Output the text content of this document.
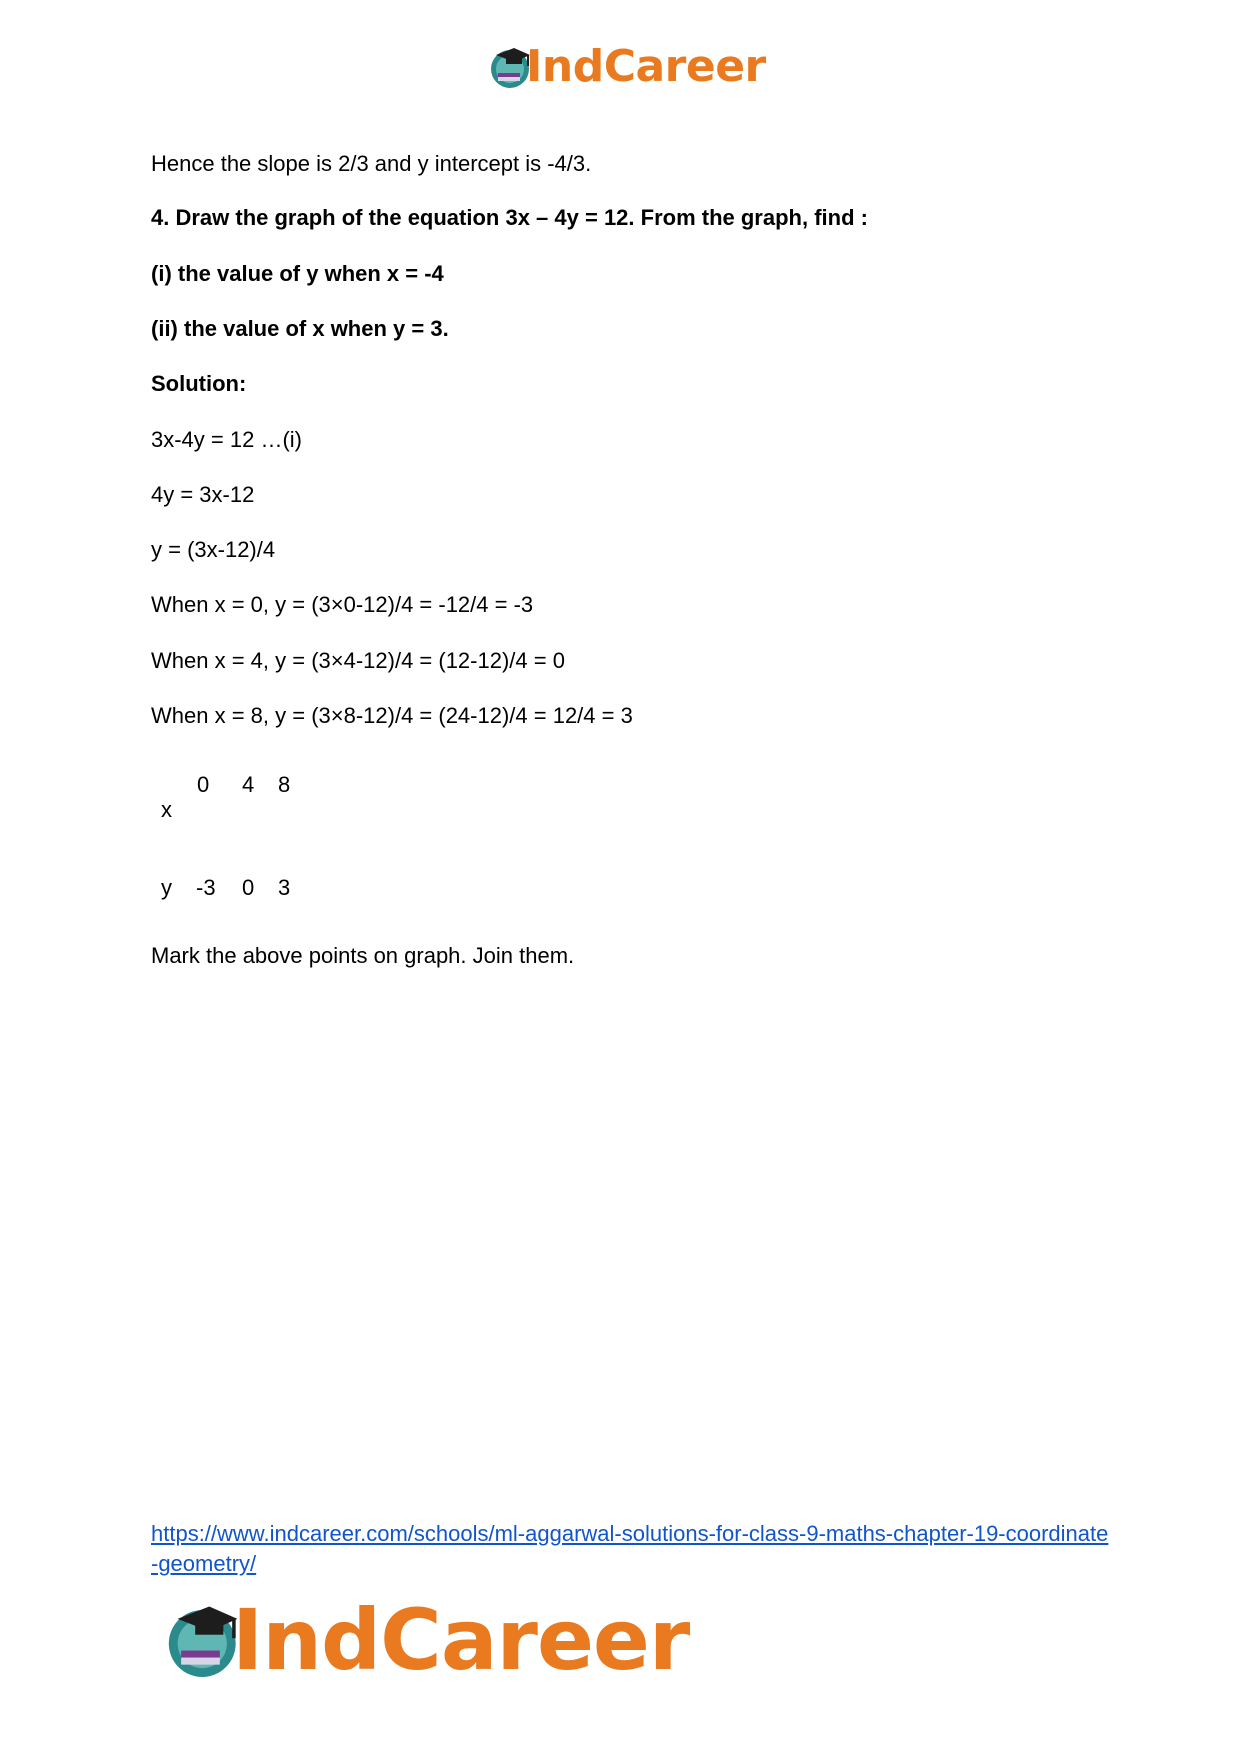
IndCareer
Hence the slope is 2/3 and y intercept is -4/3.
4. Draw the graph of the equation 3x – 4y = 12. From the graph, find :
(i) the value of y when x = -4
(ii) the value of x when y = 3.
Solution:
3x-4y = 12 …(i)
4y = 3x-12
y = (3x-12)/4
When x = 0, y = (3×0-12)/4 = -12/4 = -3
When x = 4, y = (3×4-12)/4 = (12-12)/4 = 0
When x = 8, y = (3×8-12)/4 = (24-12)/4 = 12/4 = 3
x
0 4 8
y -3 0 3
Mark the above points on graph. Join them.
https://www.indcareer.com/schools/ml-aggarwal-solutions-for-class-9-maths-chapter-19-coordinate-geometry/
IndCareer
